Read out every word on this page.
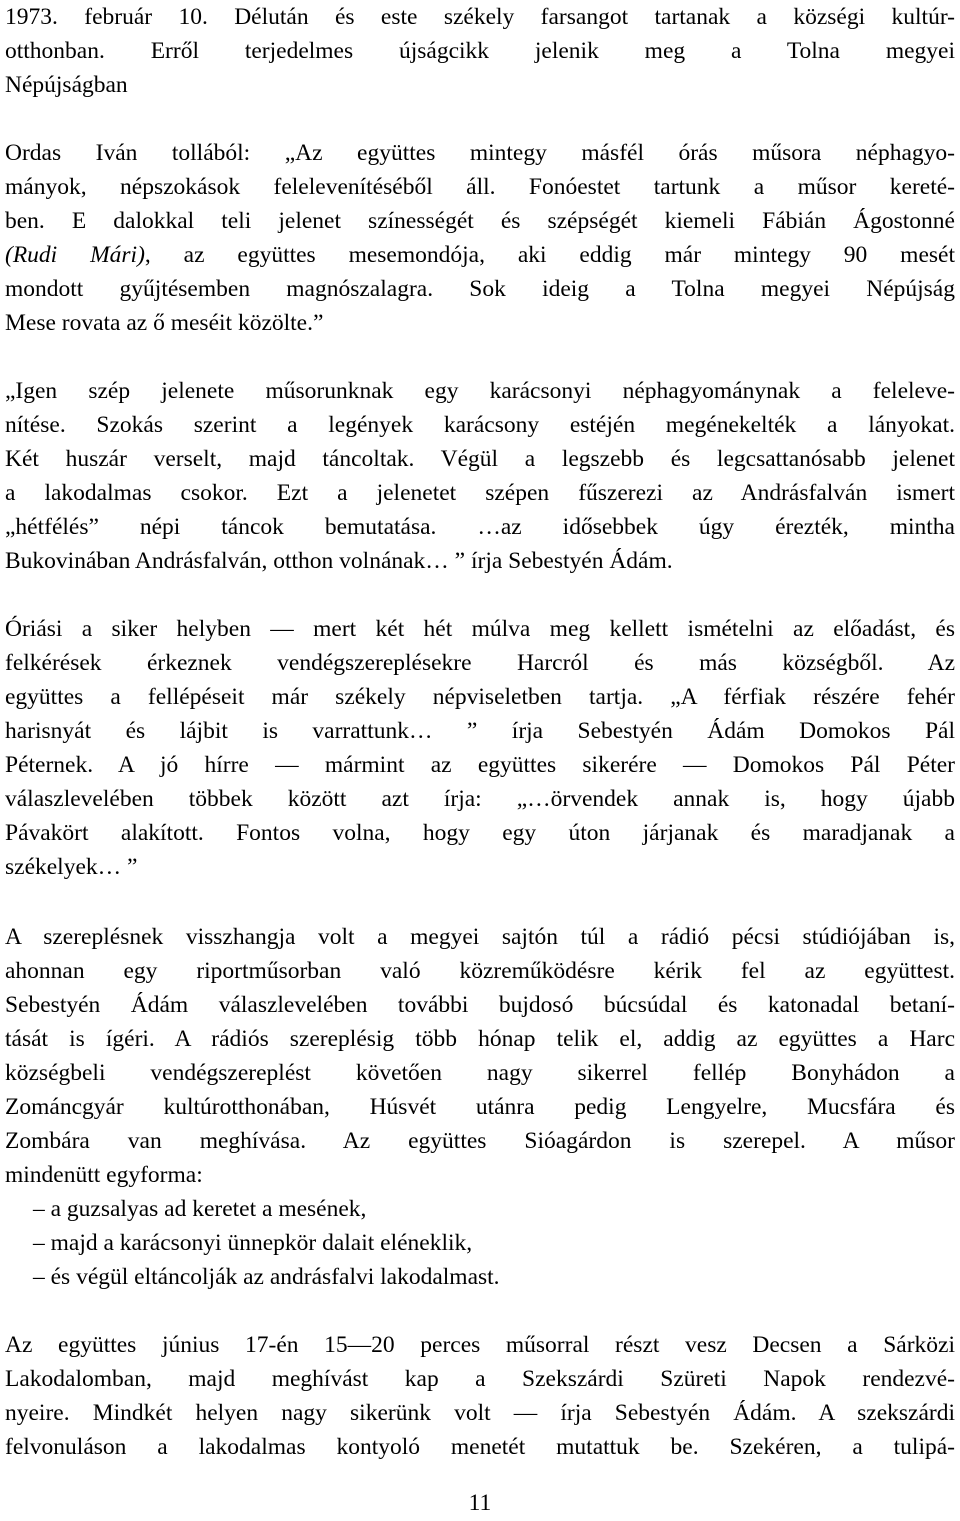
1973. február 10. Délután és este székely farsangot tartanak a községi kultúr-
otthonban. Erről terjedelmes újságcikk jelenik meg a Tolna megyei
Népújságban
Ordas Iván tollából: „Az együttes mintegy másfél órás műsora néphagyo-
mányok, népszokások felelevenítéséből áll. Fonóestet tartunk a műsor kereté-
ben. E dalokkal teli jelenet színességét és szépségét kiemeli Fábián Ágostonné
(Rudi Mári), az együttes mesemondója, aki eddig már mintegy 90 mesét
mondott gyűjtésemben magnószalagra. Sok ideig a Tolna megyei Népújság
Mese rovata az ő meséit közölte.”
„Igen szép jelenete műsorunknak egy karácsonyi néphagyománynak a feleleve-
nítése. Szokás szerint a legények karácsony estéjén megénekelték a lányokat.
Két huszár verselt, majd táncoltak. Végül a legszebb és legcsattanósabb jelenet
a lakodalmas csokor. Ezt a jelenetet szépen fűszerezi az Andrásfalván ismert
„hétfélés” népi táncok bemutatása. …az idősebbek úgy érezték, mintha
Bukovinában Andrásfalván, otthon volnának… ” írja Sebestyén Ádám.
Óriási a siker helyben — mert két hét múlva meg kellett ismételni az előadást, és
felkérések érkeznek vendégszereplésekre Harcról és más községből. Az
együttes a fellépéseit már székely népviseletben tartja. „A férfiak részére fehér
harisnyát és lájbit is varrattunk… ” írja Sebestyén Ádám Domokos Pál
Péternek. A jó hírre — mármint az együttes sikerére — Domokos Pál Péter
válaszlevelében többek között azt írja: „…örvendek annak is, hogy újabb
Pávakört alakított. Fontos volna, hogy egy úton járjanak és maradjanak a
székelyek… ”
A szereplésnek visszhangja volt a megyei sajtón túl a rádió pécsi stúdiójában is,
ahonnan egy riportműsorban való közreműködésre kérik fel az együttest.
Sebestyén Ádám válaszlevelében további bujdosó búcsúdal és katonadal betaní-
tását is ígéri. A rádiós szereplésig több hónap telik el, addig az együttes a Harc
községbeli vendégszereplést követően nagy sikerrel fellép Bonyhádon a
Zománcgyár kultúrotthonában, Húsvét utánra pedig Lengyelre, Mucsfára és
Zombára van meghívása. Az együttes Sióagárdon is szerepel. A műsor
mindenütt egyforma:
– a guzsalyas ad keretet a mesének,
– majd a karácsonyi ünnepkör dalait eléneklik,
– és végül eltáncolják az andrásfalvi lakodalmast.
Az együttes június 17-én 15—20 perces műsorral részt vesz Decsen a Sárközi
Lakodalomban, majd meghívást kap a Szekszárdi Szüreti Napok rendezvé-
nyeire. Mindkét helyen nagy sikerünk volt — írja Sebestyén Ádám. A szekszárdi
felvonuláson a lakodalmas kontyoló menetét mutattuk be. Szekéren, a tulipá-
11
